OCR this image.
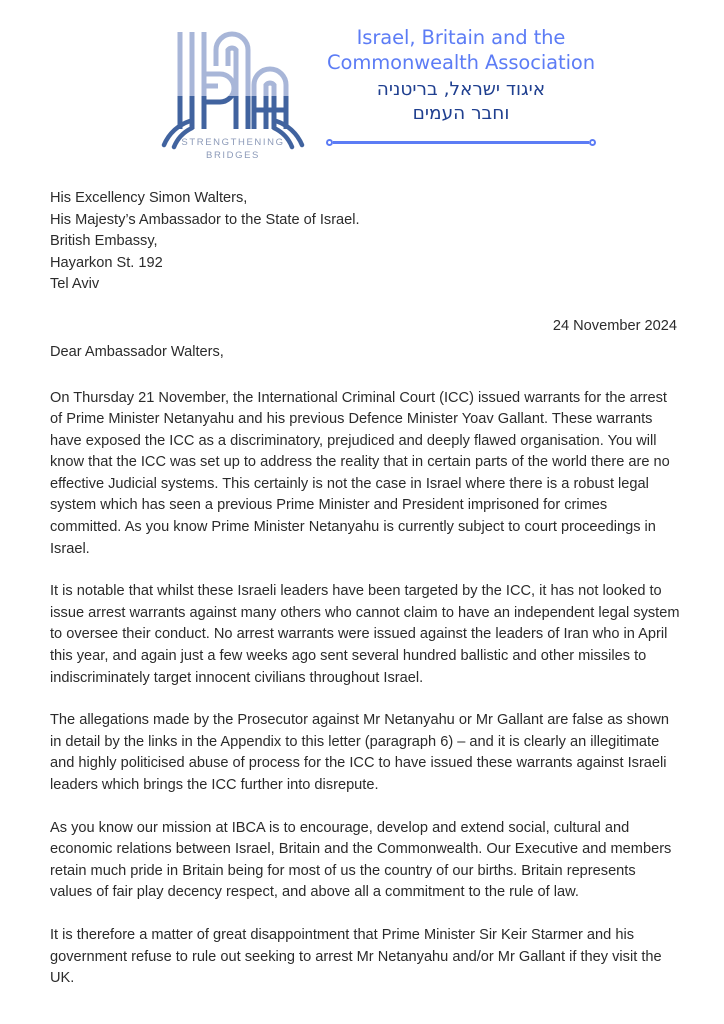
STRENGTHENING
BRIDGES
Israel, Britain and the
Commonwealth Association
איגוד ישראל, בריטניה
וחבר העמים
His Excellency Simon Walters,
His Majesty’s Ambassador to the State of Israel.
British Embassy,
Hayarkon St. 192
Tel Aviv
24 November 2024
Dear Ambassador Walters,

On Thursday 21 November, the International Criminal Court (ICC) issued warrants for the arrest of Prime Minister Netanyahu and his previous Defence Minister Yoav Gallant. These warrants have exposed the ICC as a discriminatory, prejudiced and deeply flawed organisation. You will know that the ICC was set up to address the reality that in certain parts of the world there are no effective Judicial systems. This certainly is not the case in Israel where there is a robust legal system which has seen a previous Prime Minister and President imprisoned for crimes committed. As you know Prime Minister Netanyahu is currently subject to court proceedings in Israel.

It is notable that whilst these Israeli leaders have been targeted by the ICC, it has not looked to issue arrest warrants against many others who cannot claim to have an independent legal system to oversee their conduct. No arrest warrants were issued against the leaders of Iran who in April this year, and again just a few weeks ago sent several hundred ballistic and other missiles to indiscriminately target innocent civilians throughout Israel.

The allegations made by the Prosecutor against Mr Netanyahu or Mr Gallant are false as shown in detail by the links in the Appendix to this letter (paragraph 6) – and it is clearly an illegitimate and highly politicised abuse of process for the ICC to have issued these warrants against Israeli leaders which brings the ICC further into disrepute.

As you know our mission at IBCA is to encourage, develop and extend social, cultural and economic relations between Israel, Britain and the Commonwealth. Our Executive and members retain much pride in Britain being for most of us the country of our births. Britain represents values of fair play decency respect, and above all a commitment to the rule of law.

It is therefore a matter of great disappointment that Prime Minister Sir Keir Starmer and his government refuse to rule out seeking to arrest Mr Netanyahu and/or Mr Gallant if they visit the UK.
